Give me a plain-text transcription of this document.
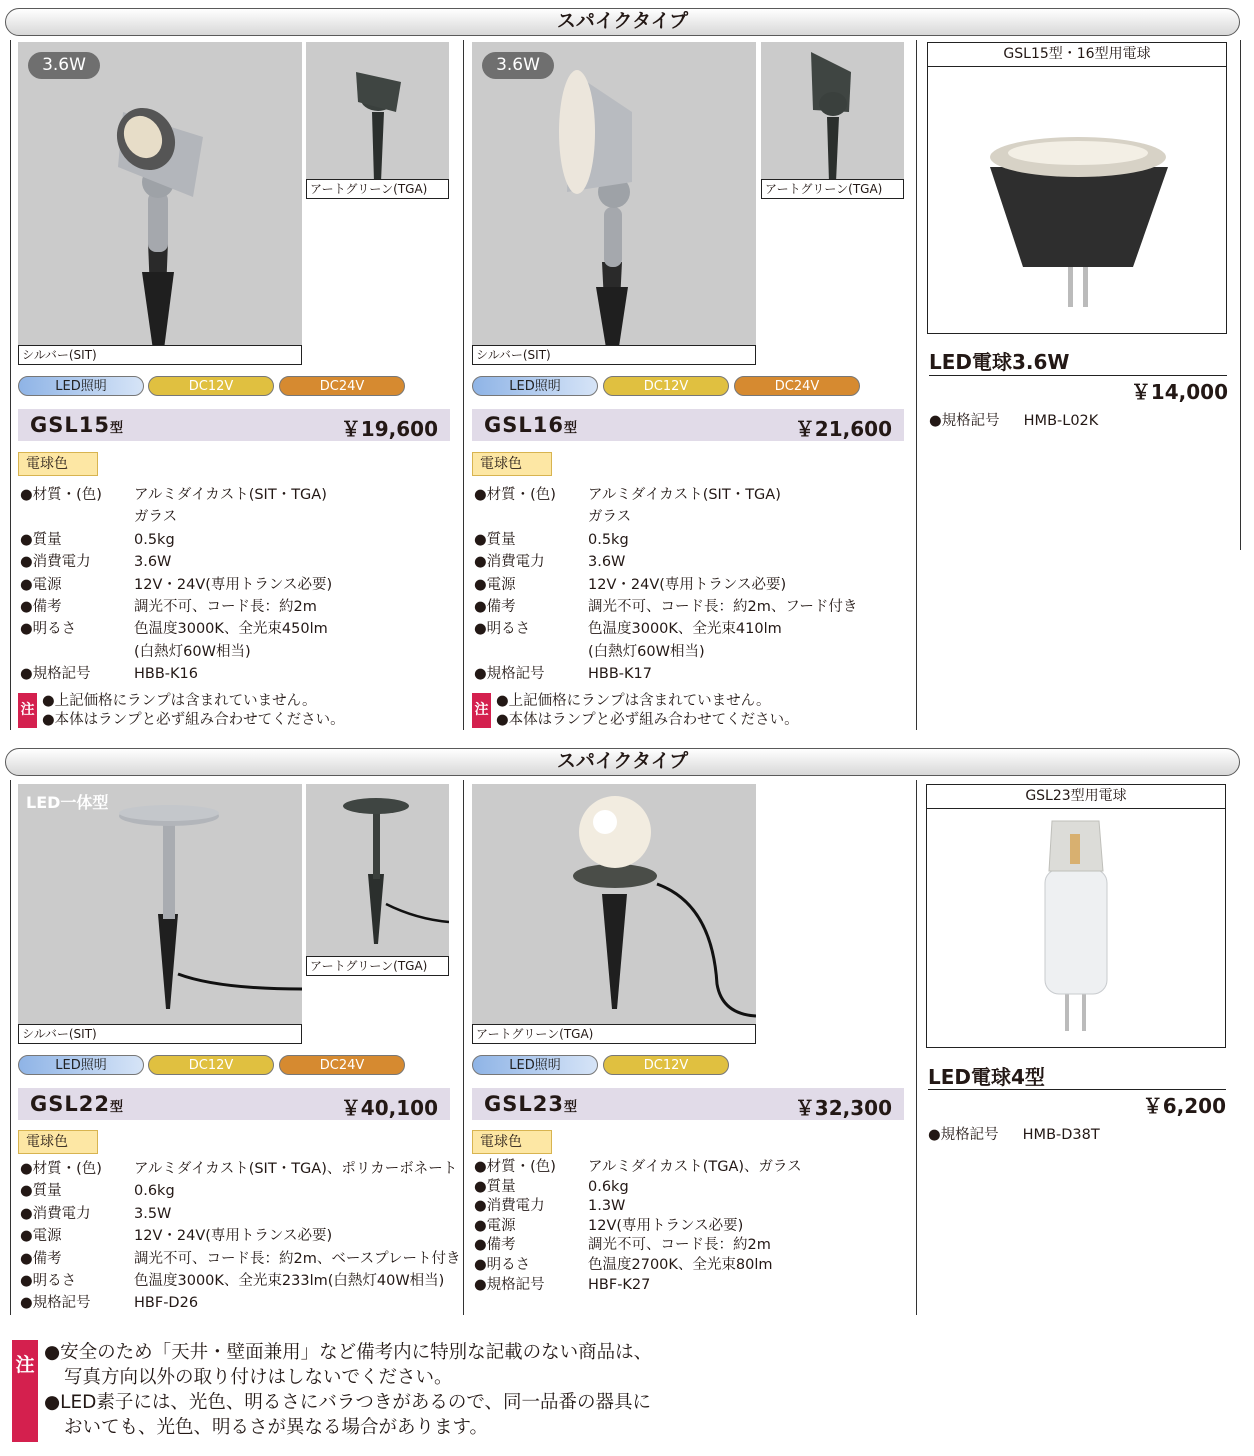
スパイクタイプ
3.6W
シルバー(SIT)
アートグリーン(TGA)
LED照明	DC12V	DC24V
GSL15型	￥19,600
電球色
●材質・(色)	アルミダイカスト(SIT・TGA)
ガラス
●質量	0.5kg
●消費電力	3.6W
●電源	12V・24V(専用トランス必要)
●備考	調光不可、コード長：約2m
●明るさ	色温度3000K、全光束450lm
(白熱灯60W相当)
●規格記号	HBB-K16
注
●上記価格にランプは含まれていません。
●本体はランプと必ず組み合わせてください。
3.6W
シルバー(SIT)
アートグリーン(TGA)
LED照明	DC12V	DC24V
GSL16型	￥21,600
電球色
●材質・(色)	アルミダイカスト(SIT・TGA)
ガラス
●質量	0.5kg
●消費電力	3.6W
●電源	12V・24V(専用トランス必要)
●備考	調光不可、コード長：約2m、フード付き
●明るさ	色温度3000K、全光束410lm
(白熱灯60W相当)
●規格記号	HBB-K17
注
●上記価格にランプは含まれていません。
●本体はランプと必ず組み合わせてください。
GSL15型・16型用電球
LED電球3.6W
￥14,000
●規格記号 HMB-L02K
スパイクタイプ
LED一体型
シルバー(SIT)
アートグリーン(TGA)
LED照明	DC12V	DC24V
GSL22型	￥40,100
電球色
●材質・(色)	アルミダイカスト(SIT・TGA)、ポリカーボネート
●質量	0.6kg
●消費電力	3.5W
●電源	12V・24V(専用トランス必要)
●備考	調光不可、コード長：約2m、ベースプレート付き
●明るさ	色温度3000K、全光束233lm(白熱灯40W相当)
●規格記号	HBF-D26
アートグリーン(TGA)
LED照明	DC12V
GSL23型	￥32,300
電球色
●材質・(色)	アルミダイカスト(TGA)、ガラス
●質量	0.6kg
●消費電力	1.3W
●電源	12V(専用トランス必要)
●備考	調光不可、コード長：約2m
●明るさ	色温度2700K、全光束80lm
●規格記号	HBF-K27
GSL23型用電球
LED電球4型
￥6,200
●規格記号 HMB-D38T
注
●安全のため「天井・壁面兼用」など備考内に特別な記載のない商品は、
写真方向以外の取り付けはしないでください。
●LED素子には、光色、明るさにバラつきがあるので、同一品番の器具に
おいても、光色、明るさが異なる場合があります。
